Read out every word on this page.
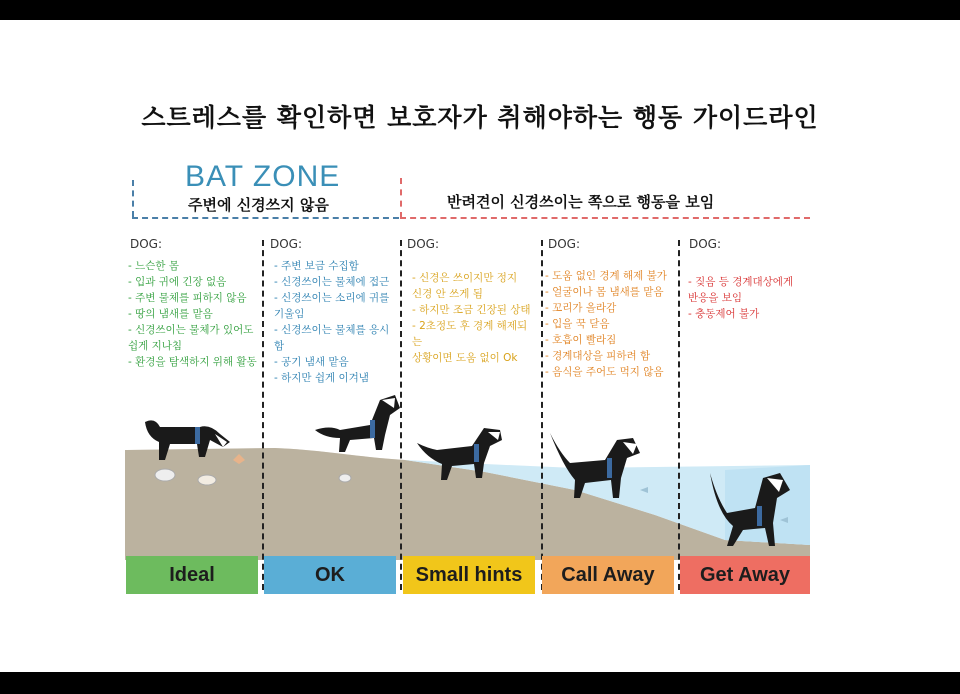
스트레스를 확인하면 보호자가 취해야하는 행동 가이드라인
BAT ZONE
주변에 신경쓰지 않음	반려견이 신경쓰이는 쪽으로 행동을 보임
DOG:
- 느슨한 몸
- 입과 귀에 긴장 없음
- 주변 물체를 피하지 않음
- 땅의 냄새를 맡음
- 신경쓰이는 물체가 있어도
쉽게 지나침
- 환경을 탐색하지 위해 활동
DOG:
- 주변 보금 수집함
- 신경쓰이는 물체에 접근
- 신경쓰이는 소리에 귀를
기울임
- 신경쓰이는 물체를 응시
함
- 공기 냄새 맡음
- 하지만 쉽게 이겨냄
DOG:
- 신경은 쓰이지만 정지
신경 안 쓰게 됨
- 하지만 조금 긴장된 상태
- 2초정도 후 경계 해제되
는
상황이면 도움 없이 Ok
DOG:
- 도움 없인 경계 해제 불가
- 얼굴이나 몸 냄새를 맡음
- 꼬리가 올라감
- 입을 꾹 닫음
- 호흡이 빨라짐
- 경계대상을 피하려 함
- 음식을 주어도 먹지 않음
DOG:
- 짖음 등 경계대상에게
반응을 보임
- 충동제어 불가
Ideal	OK	Small hints	Call Away	Get Away
